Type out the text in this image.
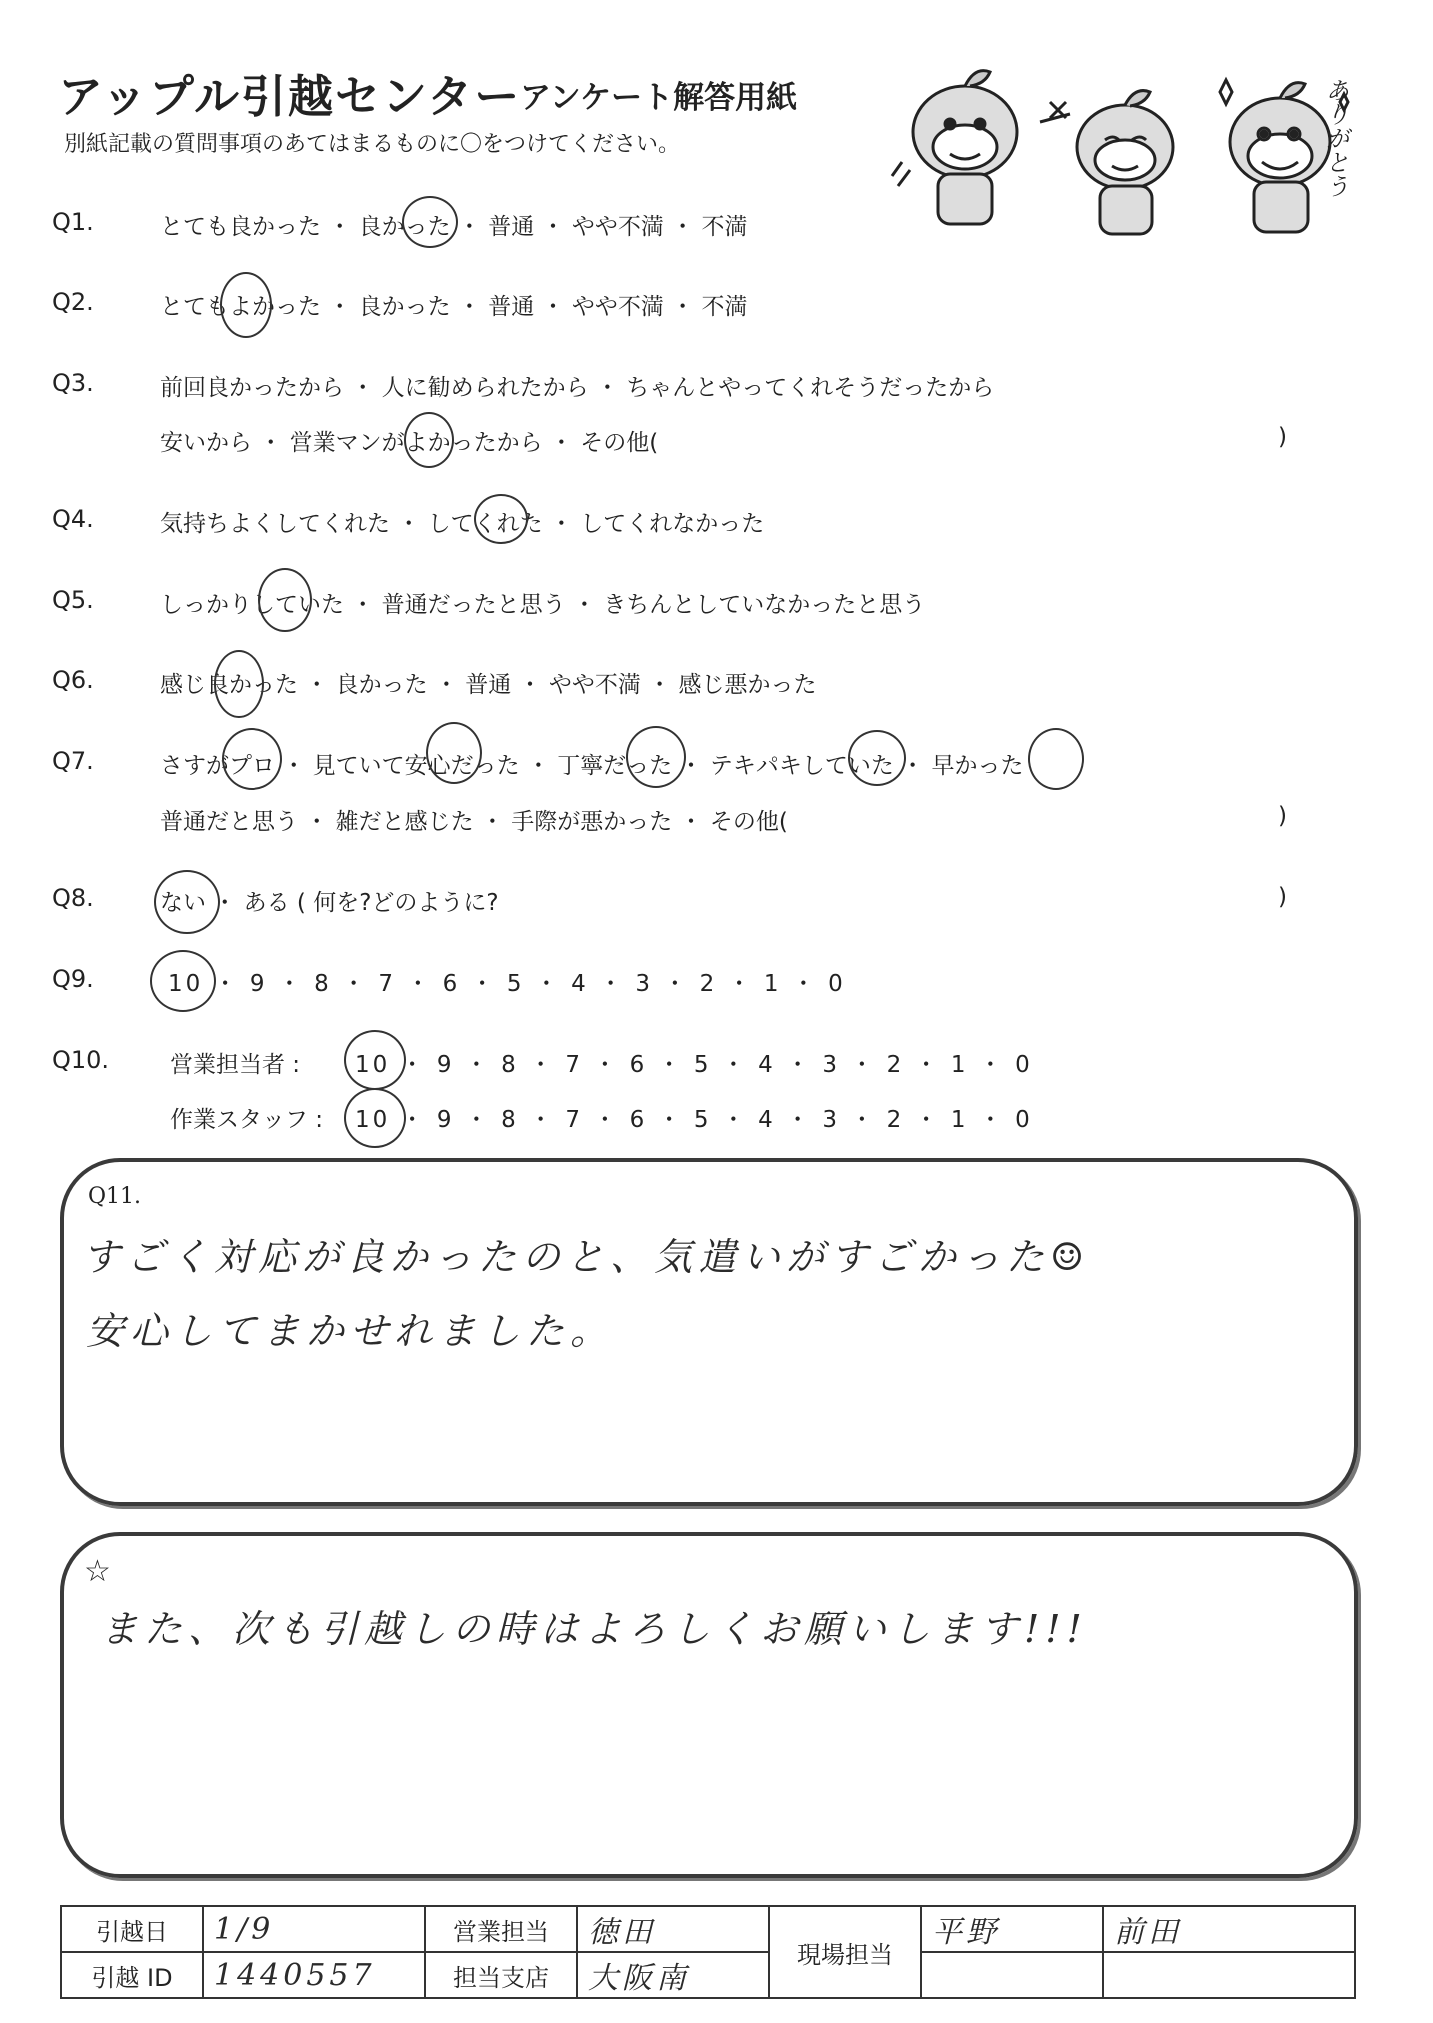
アップル引越センター
アンケート解答用紙
別紙記載の質問事項のあてはまるものに〇をつけてください。	ありがとう
Q1.	とても良かった ・ 良かった ・ 普通 ・ やや不満 ・ 不満
Q2.	とてもよかった ・ 良かった ・ 普通 ・ やや不満 ・ 不満
Q3.	前回良かったから ・ 人に勧められたから ・ ちゃんとやってくれそうだったから
安いから ・ 営業マンがよかったから ・ その他(	)
Q4.	気持ちよくしてくれた ・ してくれた ・ してくれなかった
Q5.	しっかりしていた ・ 普通だったと思う ・ きちんとしていなかったと思う
Q6.	感じ良かった ・ 良かった ・ 普通 ・ やや不満 ・ 感じ悪かった
Q7.	さすがプロ ・ 見ていて安心だった ・ 丁寧だった ・ テキパキしていた ・ 早かった
普通だと思う ・ 雑だと感じた ・ 手際が悪かった ・ その他(	)
Q8.	ない ・ ある ( 何を?どのように?	)
Q9.	10 ・ 9 ・ 8 ・ 7 ・ 6 ・ 5 ・ 4 ・ 3 ・ 2 ・ 1 ・ 0
Q10.	営業担当者 : 10 ・ 9 ・ 8 ・ 7 ・ 6 ・ 5 ・ 4 ・ 3 ・ 2 ・ 1 ・ 0
作業スタッフ : 10 ・ 9 ・ 8 ・ 7 ・ 6 ・ 5 ・ 4 ・ 3 ・ 2 ・ 1 ・ 0
Q11.
すごく対応が良かったのと、気遣いがすごかった☺
安心してまかせれました。
☆
また、次も引越しの時はよろしくお願いします!!!
引越日	1/9	営業担当	徳田	現場担当	平野	前田
引越 ID	1440557	担当支店	大阪南			
